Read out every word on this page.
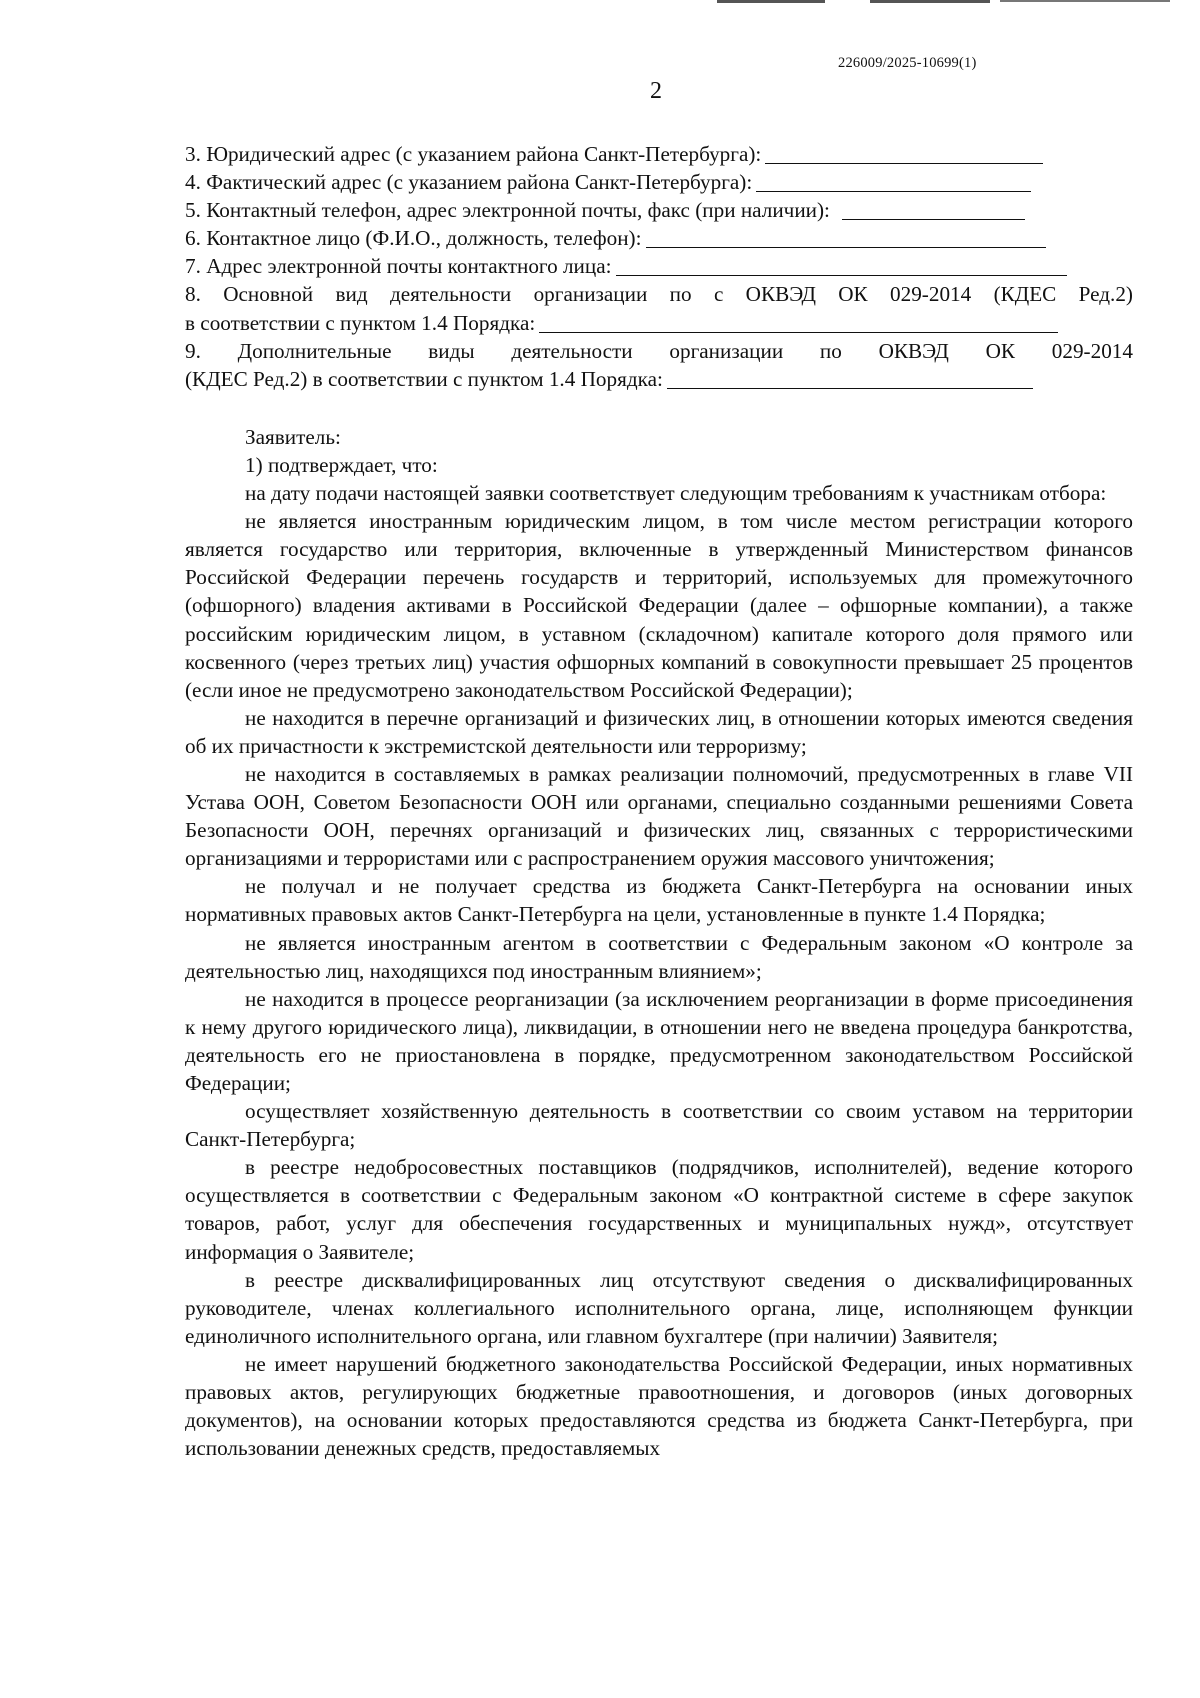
226009/2025-10699(1)
2
3. Юридический адрес (с указанием района Санкт-Петербурга):
4. Фактический адрес (с указанием района Санкт-Петербурга):
5. Контактный телефон, адрес электронной почты, факс (при наличии):
6. Контактное лицо (Ф.И.О., должность, телефон):
7. Адрес электронной почты контактного лица:
8. Основной вид деятельности организации по с ОКВЭД ОК 029-2014 (КДЕС Ред.2)
в соответствии с пунктом 1.4 Порядка:
9. Дополнительные виды деятельности организации по ОКВЭД ОК 029-2014
(КДЕС Ред.2) в соответствии с пунктом 1.4 Порядка:

Заявитель:

1) подтверждает, что:

на дату подачи настоящей заявки соответствует следующим требованиям к участникам отбора:

не является иностранным юридическим лицом, в том числе местом регистрации которого является государство или территория, включенные в утвержденный Министерством финансов Российской Федерации перечень государств и территорий, используемых для промежуточного (офшорного) владения активами в Российской Федерации (далее – офшорные компании), а также российским юридическим лицом, в уставном (складочном) капитале которого доля прямого или косвенного (через третьих лиц) участия офшорных компаний в совокупности превышает 25 процентов (если иное не предусмотрено законодательством Российской Федерации);

не находится в перечне организаций и физических лиц, в отношении которых имеются сведения об их причастности к экстремистской деятельности или терроризму;

не находится в составляемых в рамках реализации полномочий, предусмотренных в главе VII Устава ООН, Советом Безопасности ООН или органами, специально созданными решениями Совета Безопасности ООН, перечнях организаций и физических лиц, связанных с террористическими организациями и террористами или с распространением оружия массового уничтожения;

не получал и не получает средства из бюджета Санкт-Петербурга на основании иных нормативных правовых актов Санкт-Петербурга на цели, установленные в пункте 1.4 Порядка;

не является иностранным агентом в соответствии с Федеральным законом «О контроле за деятельностью лиц, находящихся под иностранным влиянием»;

не находится в процессе реорганизации (за исключением реорганизации в форме присоединения к нему другого юридического лица), ликвидации, в отношении него не введена процедура банкротства, деятельность его не приостановлена в порядке, предусмотренном законодательством Российской Федерации;

осуществляет хозяйственную деятельность в соответствии со своим уставом на территории Санкт-Петербурга;

в реестре недобросовестных поставщиков (подрядчиков, исполнителей), ведение которого осуществляется в соответствии с Федеральным законом «О контрактной системе в сфере закупок товаров, работ, услуг для обеспечения государственных и муниципальных нужд», отсутствует информация о Заявителе;

в реестре дисквалифицированных лиц отсутствуют сведения о дисквалифицированных руководителе, членах коллегиального исполнительного органа, лице, исполняющем функции единоличного исполнительного органа, или главном бухгалтере (при наличии) Заявителя;

не имеет нарушений бюджетного законодательства Российской Федерации, иных нормативных правовых актов, регулирующих бюджетные правоотношения, и договоров (иных договорных документов), на основании которых предоставляются средства из бюджета Санкт-Петербурга, при использовании денежных средств, предоставляемых
